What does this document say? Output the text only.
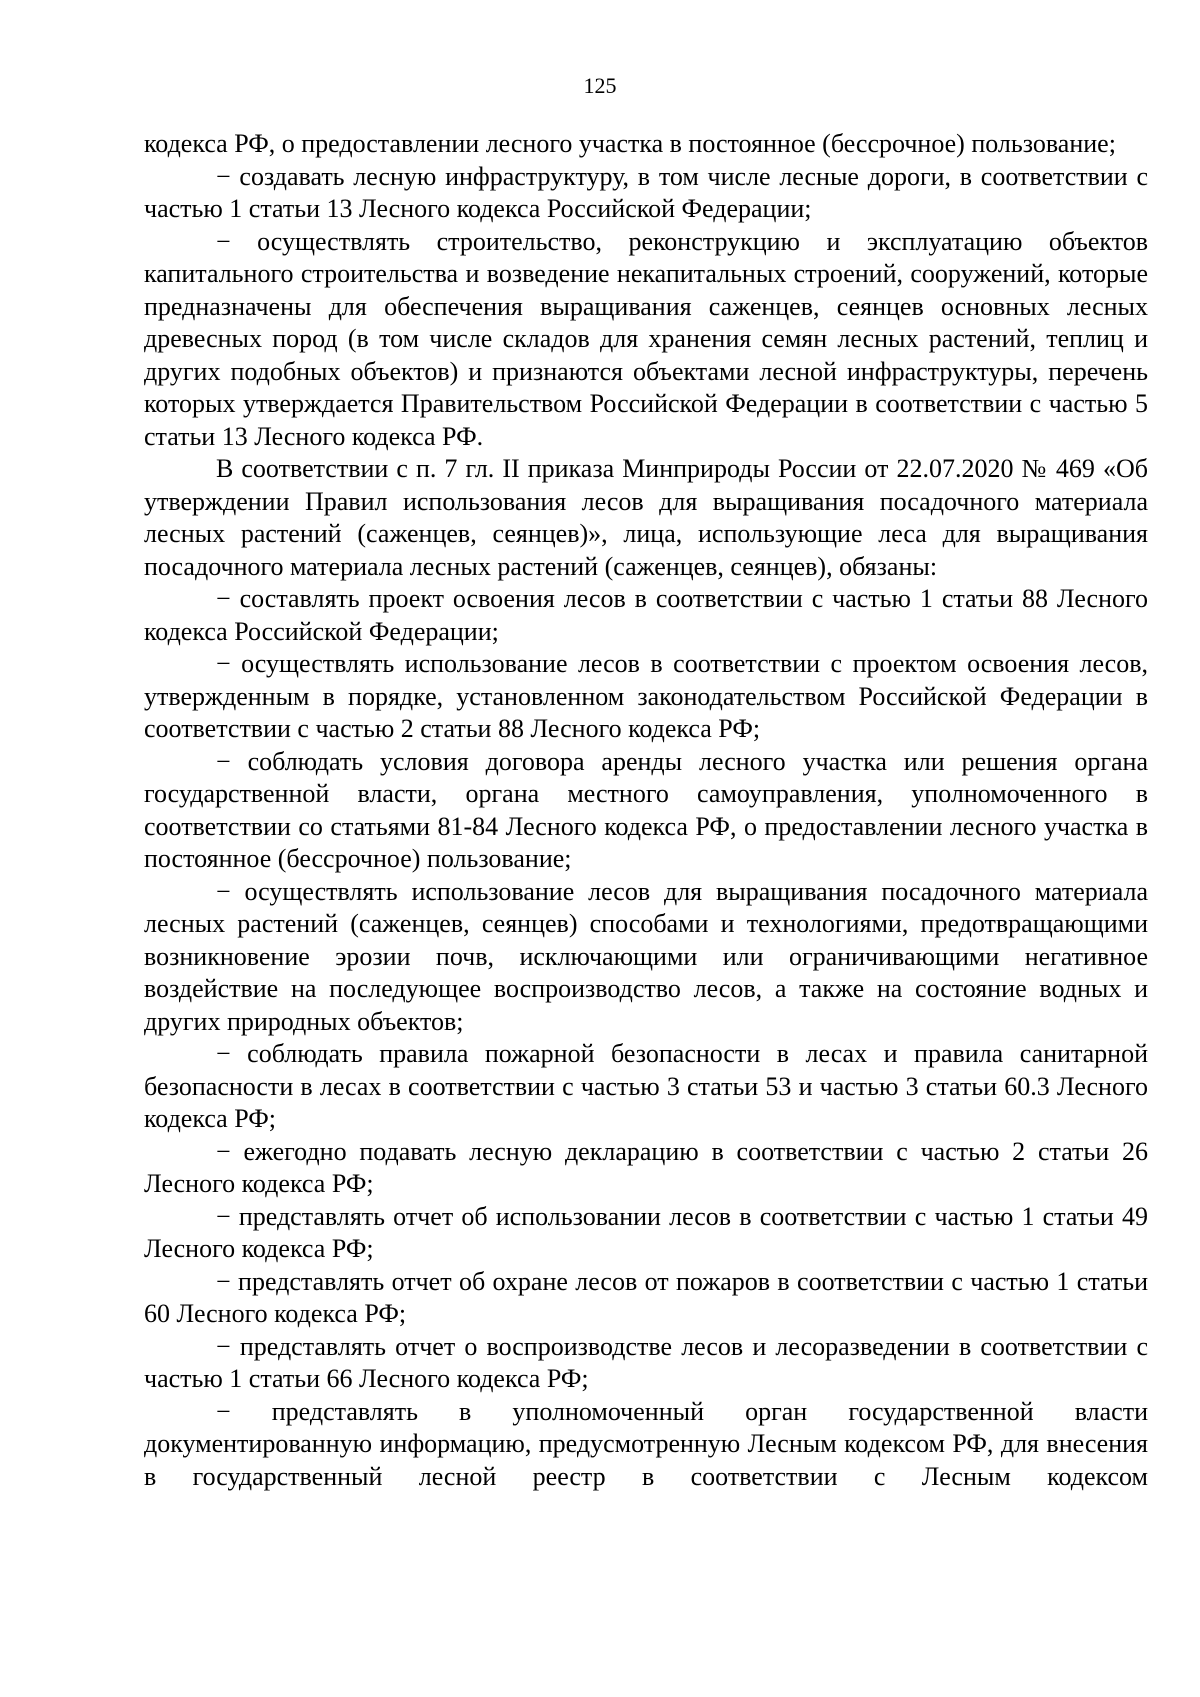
125

кодекса РФ, о предоставлении лесного участка в постоянное (бессрочное) пользование;

− создавать лесную инфраструктуру, в том числе лесные дороги, в соответствии с частью 1 статьи 13 Лесного кодекса Российской Федерации;

− осуществлять строительство, реконструкцию и эксплуатацию объектов капитального строительства и возведение некапитальных строений, сооружений, которые предназначены для обеспечения выращивания саженцев, сеянцев основных лесных древесных пород (в том числе складов для хранения семян лесных растений, теплиц и других подобных объектов) и признаются объектами лесной инфраструктуры, перечень которых утверждается Правительством Российской Федерации в соответствии с частью 5 статьи 13 Лесного кодекса РФ.

В соответствии с п. 7 гл. II приказа Минприроды России от 22.07.2020 № 469 «Об утверждении Правил использования лесов для выращивания посадочного материала лесных растений (саженцев, сеянцев)», лица, использующие леса для выращивания посадочного материала лесных растений (саженцев, сеянцев), обязаны:

− составлять проект освоения лесов в соответствии с частью 1 статьи 88 Лесного кодекса Российской Федерации;

− осуществлять использование лесов в соответствии с проектом освоения лесов, утвержденным в порядке, установленном законодательством Российской Федерации в соответствии с частью 2 статьи 88 Лесного кодекса РФ;

− соблюдать условия договора аренды лесного участка или решения органа государственной власти, органа местного самоуправления, уполномоченного в соответствии со статьями 81-84 Лесного кодекса РФ, о предоставлении лесного участка в постоянное (бессрочное) пользование;

− осуществлять использование лесов для выращивания посадочного материала лесных растений (саженцев, сеянцев) способами и технологиями, предотвращающими возникновение эрозии почв, исключающими или ограничивающими негативное воздействие на последующее воспроизводство лесов, а также на состояние водных и других природных объектов;

− соблюдать правила пожарной безопасности в лесах и правила санитарной безопасности в лесах в соответствии с частью 3 статьи 53 и частью 3 статьи 60.3 Лесного кодекса РФ;

− ежегодно подавать лесную декларацию в соответствии с частью 2 статьи 26 Лесного кодекса РФ;

− представлять отчет об использовании лесов в соответствии с частью 1 статьи 49 Лесного кодекса РФ;

− представлять отчет об охране лесов от пожаров в соответствии с частью 1 статьи 60 Лесного кодекса РФ;

− представлять отчет о воспроизводстве лесов и лесоразведении в соответствии с частью 1 статьи 66 Лесного кодекса РФ;

− представлять в уполномоченный орган государственной власти документированную информацию, предусмотренную Лесным кодексом РФ, для внесения в государственный лесной реестр в соответствии с Лесным кодексом
